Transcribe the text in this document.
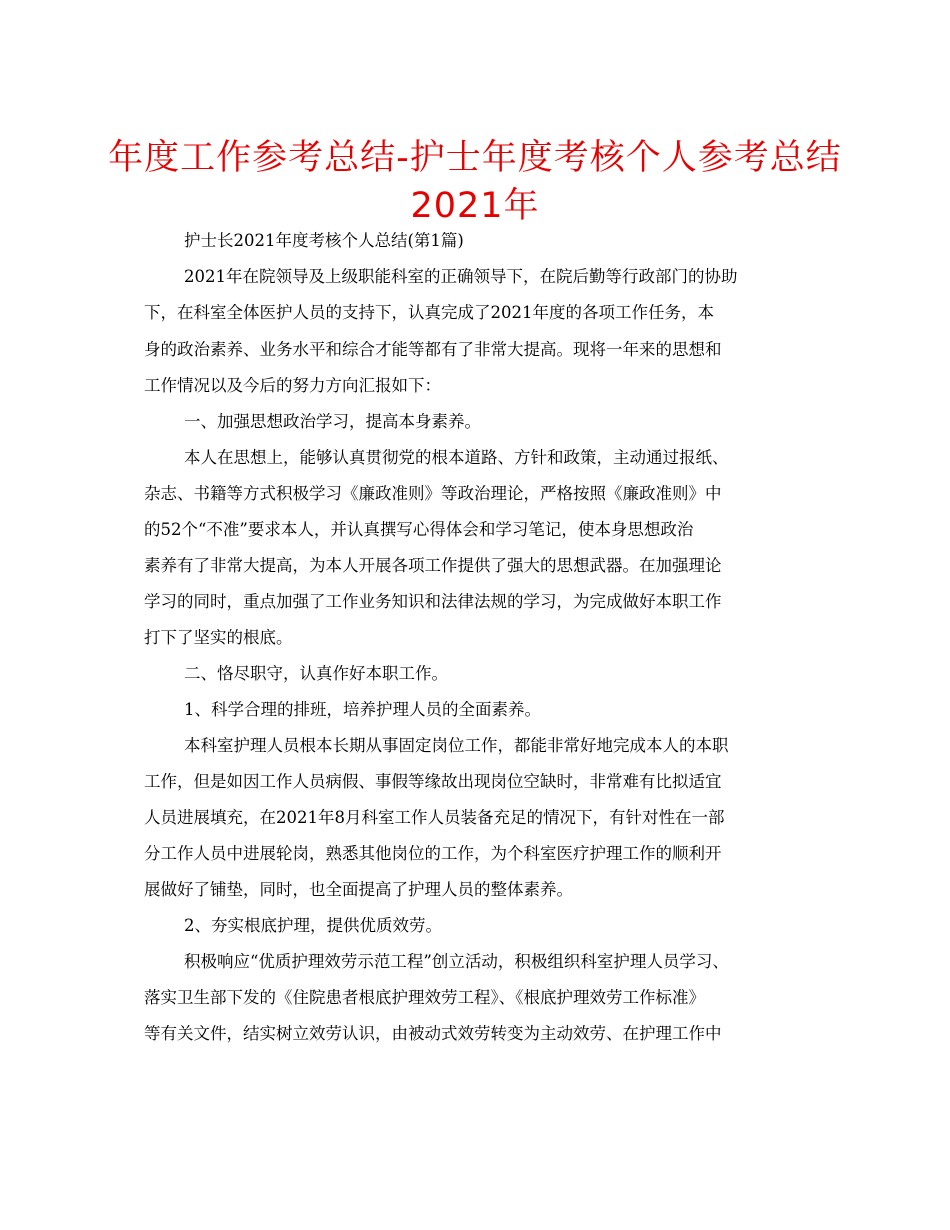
年度工作参考总结-护士年度考核个人参考总结
2021年
护士长2021年度考核个人总结(第1篇)
2021年在院领导及上级职能科室的正确领导下，在院后勤等行政部门的协助
下，在科室全体医护人员的支持下，认真完成了2021年度的各项工作任务，本
身的政治素养、业务水平和综合才能等都有了非常大提高。现将一年来的思想和
工作情况以及今后的努力方向汇报如下：
一、加强思想政治学习，提高本身素养。
本人在思想上，能够认真贯彻党的根本道路、方针和政策，主动通过报纸、
杂志、书籍等方式积极学习《廉政准则》等政治理论，严格按照《廉政准则》中
的52个“不准”要求本人，并认真撰写心得体会和学习笔记，使本身思想政治
素养有了非常大提高，为本人开展各项工作提供了强大的思想武器。在加强理论
学习的同时，重点加强了工作业务知识和法律法规的学习，为完成做好本职工作
打下了坚实的根底。
二、恪尽职守，认真作好本职工作。
1、科学合理的排班，培养护理人员的全面素养。
本科室护理人员根本长期从事固定岗位工作，都能非常好地完成本人的本职
工作，但是如因工作人员病假、事假等缘故出现岗位空缺时，非常难有比拟适宜
人员进展填充，在2021年8月科室工作人员装备充足的情况下，有针对性在一部
分工作人员中进展轮岗，熟悉其他岗位的工作，为个科室医疗护理工作的顺利开
展做好了铺垫，同时，也全面提高了护理人员的整体素养。
2、夯实根底护理，提供优质效劳。
积极响应“优质护理效劳示范工程”创立活动，积极组织科室护理人员学习、
落实卫生部下发的《住院患者根底护理效劳工程》、《根底护理效劳工作标准》
等有关文件，结实树立效劳认识，由被动式效劳转变为主动效劳、在护理工作中
